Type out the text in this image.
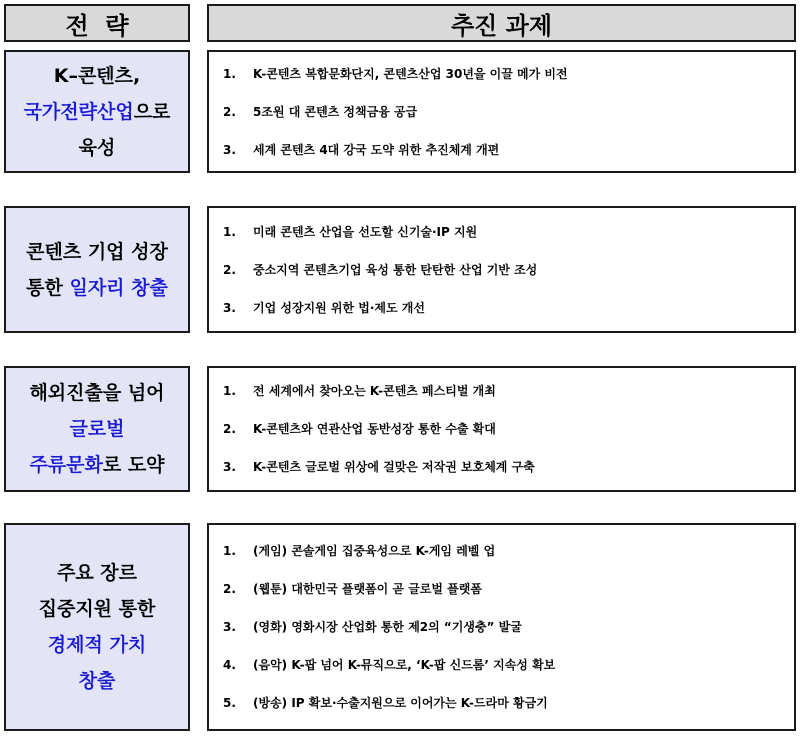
전  략	추진 과제
K–콘텐츠,
국가전략산업으로
육성
1. K-콘텐츠 복합문화단지, 콘텐츠산업 30년을 이끌 메가 비전
2. 5조원 대 콘텐츠 정책금융 공급
3. 세계 콘텐츠 4대 강국 도약 위한 추진체계 개편
콘텐츠 기업 성장
통한 일자리 창출
1. 미래 콘텐츠 산업을 선도할 신기술·IP 지원
2. 중소지역 콘텐츠기업 육성 통한 탄탄한 산업 기반 조성
3. 기업 성장지원 위한 법·제도 개선
해외진출을 넘어
글로벌
주류문화로 도약
1. 전 세계에서 찾아오는 K-콘텐츠 페스티벌 개최
2. K-콘텐츠와 연관산업 동반성장 통한 수출 확대
3. K-콘텐츠 글로벌 위상에 걸맞은 저작권 보호체계 구축
주요 장르
집중지원 통한
경제적 가치
창출
1. (게임) 콘솔게임 집중육성으로 K-게임 레벨 업
2. (웹툰) 대한민국 플랫폼이 곧 글로벌 플랫폼
3. (영화) 영화시장 산업화 통한 제2의 “기생충” 발굴
4. (음악) K-팝 넘어 K-뮤직으로, ‘K-팝 신드롬’ 지속성 확보
5. (방송) IP 확보·수출지원으로 이어가는 K-드라마 황금기
